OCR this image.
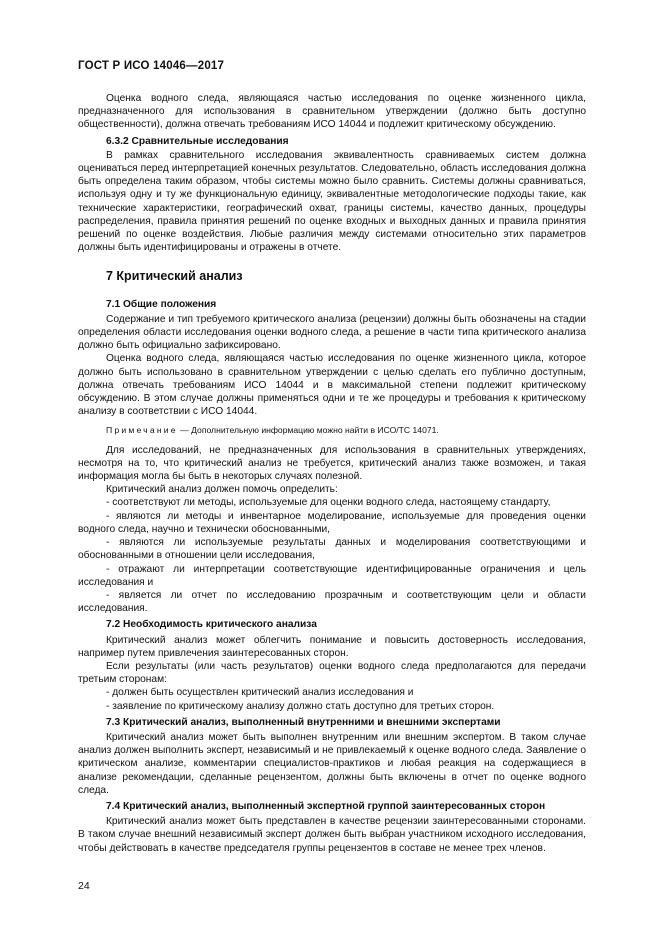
ГОСТ Р ИСО 14046—2017

Оценка водного следа, являющаяся частью исследования по оценке жизненного цикла, предназначенного для использования в сравнительном утверждении (должно быть доступно общественности), должна отвечать требованиям ИСО 14044 и подлежит критическому обсуждению.

6.3.2 Сравнительные исследования

В рамках сравнительного исследования эквивалентность сравниваемых систем должна оцениваться перед интерпретацией конечных результатов. Следовательно, область исследования должна быть определена таким образом, чтобы системы можно было сравнить. Системы должны сравниваться, используя одну и ту же функциональную единицу, эквивалентные методологические подходы такие, как технические характеристики, географический охват, границы системы, качество данных, процедуры распределения, правила принятия решений по оценке входных и выходных данных и правила принятия решений по оценке воздействия. Любые различия между системами относительно этих параметров должны быть идентифицированы и отражены в отчете.

7 Критический анализ
7.1 Общие положения

Содержание и тип требуемого критического анализа (рецензии) должны быть обозначены на стадии определения области исследования оценки водного следа, а решение в части типа критического анализа должно быть официально зафиксировано.

Оценка водного следа, являющаяся частью исследования по оценке жизненного цикла, которое должно быть использовано в сравнительном утверждении с целью сделать его публично доступным, должна отвечать требованиям ИСО 14044 и в максимальной степени подлежит критическому обсуждению. В этом случае должны применяться одни и те же процедуры и требования к критическому анализу в соответствии с ИСО 14044.

Примечание — Дополнительную информацию можно найти в ИСО/ТС 14071.

Для исследований, не предназначенных для использования в сравнительных утверждениях, несмотря на то, что критический анализ не требуется, критический анализ также возможен, и такая информация могла бы быть в некоторых случаях полезной.

Критический анализ должен помочь определить:

- соответствуют ли методы, используемые для оценки водного следа, настоящему стандарту,

- являются ли методы и инвентарное моделирование, используемые для проведения оценки водного следа, научно и технически обоснованными,

- являются ли используемые результаты данных и моделирования соответствующими и обоснованными в отношении цели исследования,

- отражают ли интерпретации соответствующие идентифицированные ограничения и цель исследования и

- является ли отчет по исследованию прозрачным и соответствующим цели и области исследования.

7.2 Необходимость критического анализа

Критический анализ может облегчить понимание и повысить достоверность исследования, например путем привлечения заинтересованных сторон.

Если результаты (или часть результатов) оценки водного следа предполагаются для передачи третьим сторонам:

- должен быть осуществлен критический анализ исследования и

- заявление по критическому анализу должно стать доступно для третьих сторон.

7.3 Критический анализ, выполненный внутренними и внешними экспертами

Критический анализ может быть выполнен внутренним или внешним экспертом. В таком случае анализ должен выполнить эксперт, независимый и не привлекаемый к оценке водного следа. Заявление о критическом анализе, комментарии специалистов-практиков и любая реакция на содержащиеся в анализе рекомендации, сделанные рецензентом, должны быть включены в отчет по оценке водного следа.

7.4 Критический анализ, выполненный экспертной группой заинтересованных сторон

Критический анализ может быть представлен в качестве рецензии заинтересованными сторонами. В таком случае внешний независимый эксперт должен быть выбран участником исходного исследования, чтобы действовать в качестве председателя группы рецензентов в составе не менее трех членов.

24
